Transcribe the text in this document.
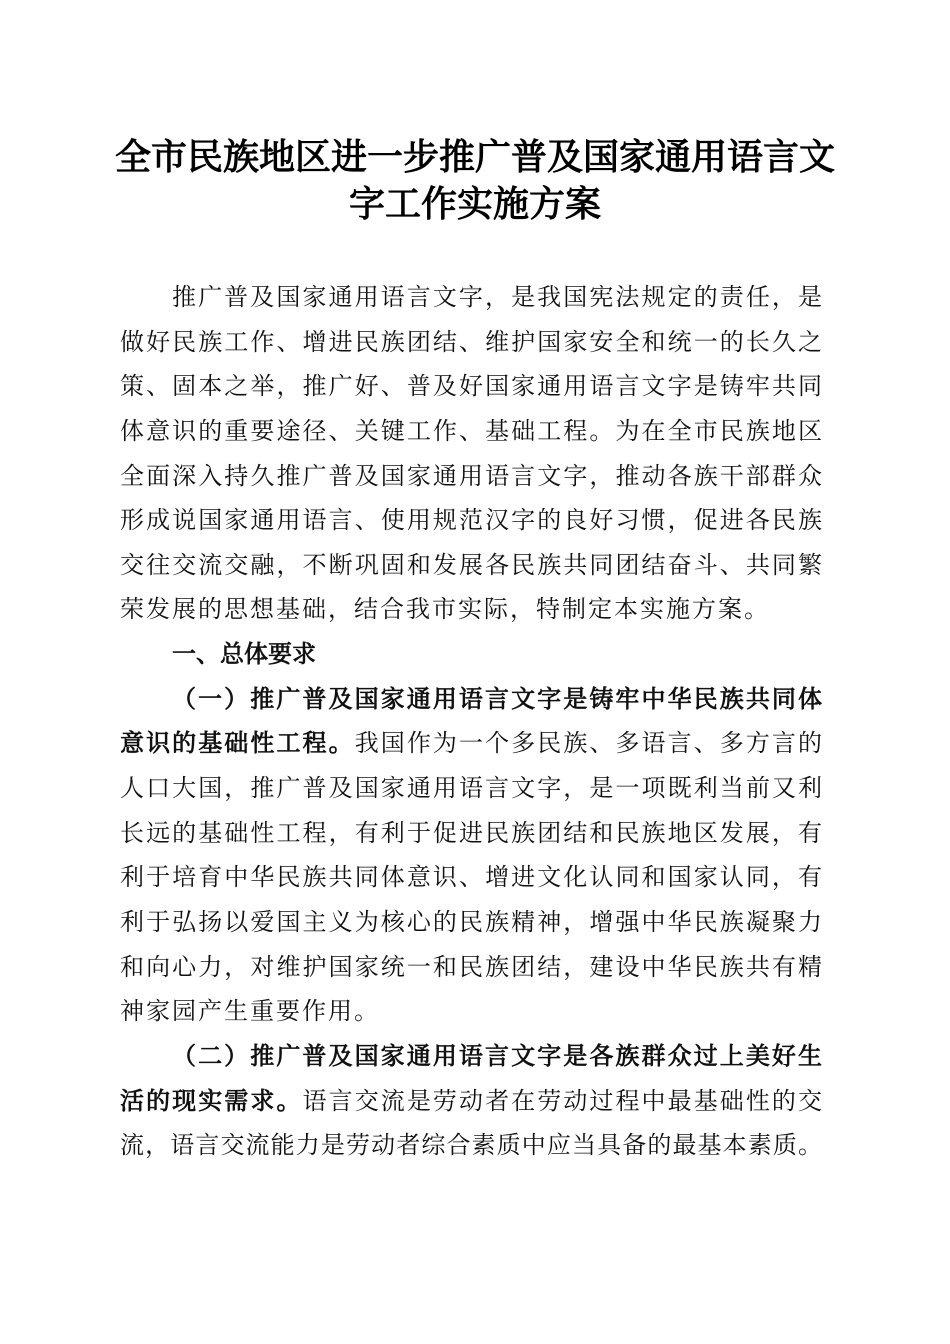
全市民族地区进一步推广普及国家通用语言文
字工作实施方案
推广普及国家通用语言文字，是我国宪法规定的责任，是
做好民族工作、增进民族团结、维护国家安全和统一的长久之
策、固本之举，推广好、普及好国家通用语言文字是铸牢共同
体意识的重要途径、关键工作、基础工程。为在全市民族地区
全面深入持久推广普及国家通用语言文字，推动各族干部群众
形成说国家通用语言、使用规范汉字的良好习惯，促进各民族
交往交流交融，不断巩固和发展各民族共同团结奋斗、共同繁
荣发展的思想基础，结合我市实际，特制定本实施方案。
一、总体要求
（一）推广普及国家通用语言文字是铸牢中华民族共同体
意识的基础性工程。我国作为一个多民族、多语言、多方言的
人口大国，推广普及国家通用语言文字，是一项既利当前又利
长远的基础性工程，有利于促进民族团结和民族地区发展，有
利于培育中华民族共同体意识、增进文化认同和国家认同，有
利于弘扬以爱国主义为核心的民族精神，增强中华民族凝聚力
和向心力，对维护国家统一和民族团结，建设中华民族共有精
神家园产生重要作用。
（二）推广普及国家通用语言文字是各族群众过上美好生
活的现实需求。语言交流是劳动者在劳动过程中最基础性的交
流，语言交流能力是劳动者综合素质中应当具备的最基本素质。
